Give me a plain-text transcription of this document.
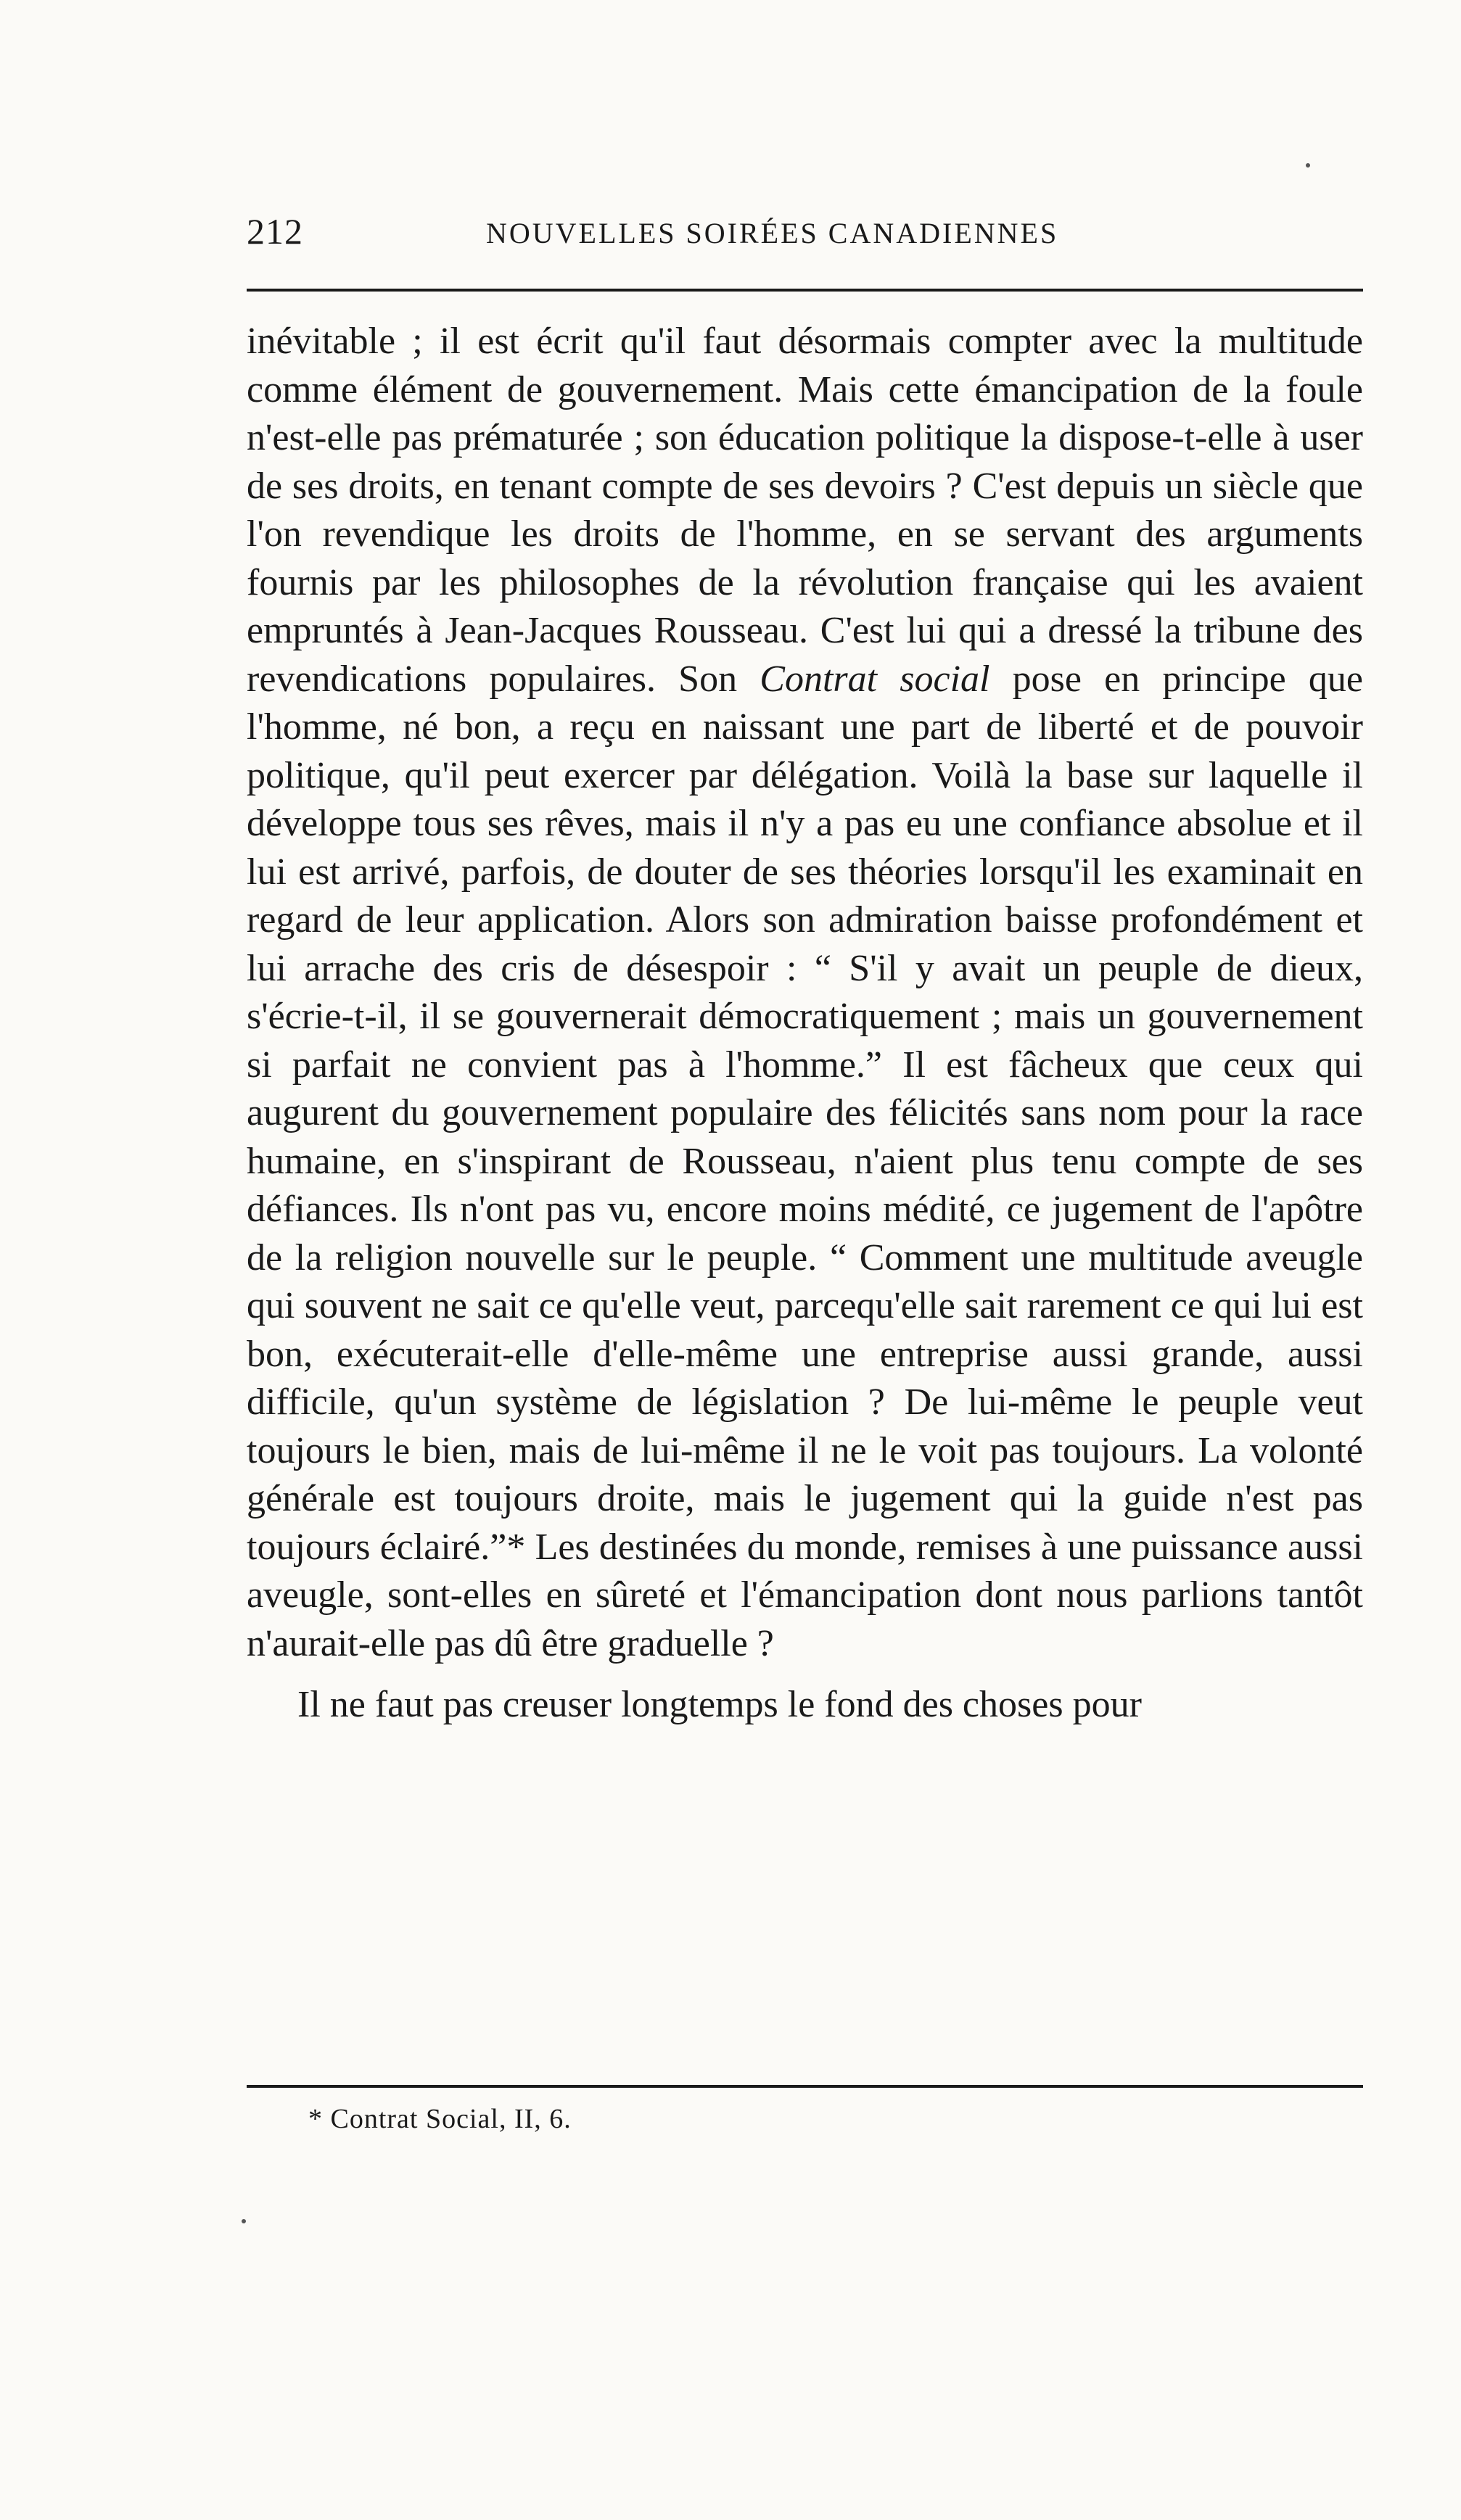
212	NOUVELLES SOIRÉES CANADIENNES

inévitable ; il est écrit qu'il faut désormais compter avec la multitude comme élément de gouvernement. Mais cette émancipation de la foule n'est-elle pas prématurée ; son éducation politique la dispose-t-elle à user de ses droits, en tenant compte de ses devoirs ? C'est depuis un siècle que l'on revendique les droits de l'homme, en se servant des arguments fournis par les philosophes de la révolution française qui les avaient empruntés à Jean-Jacques Rousseau. C'est lui qui a dressé la tribune des revendications populaires. Son Contrat social pose en principe que l'homme, né bon, a reçu en naissant une part de liberté et de pouvoir politique, qu'il peut exercer par délégation. Voilà la base sur laquelle il développe tous ses rêves, mais il n'y a pas eu une confiance absolue et il lui est arrivé, parfois, de douter de ses théories lorsqu'il les examinait en regard de leur application. Alors son admiration baisse profondément et lui arrache des cris de désespoir : “ S'il y avait un peuple de dieux, s'écrie-t-il, il se gouvernerait démocratiquement ; mais un gouvernement si parfait ne convient pas à l'homme.” Il est fâcheux que ceux qui augurent du gouvernement populaire des félicités sans nom pour la race humaine, en s'inspirant de Rousseau, n'aient plus tenu compte de ses défiances. Ils n'ont pas vu, encore moins médité, ce jugement de l'apôtre de la religion nouvelle sur le peuple. “ Comment une multitude aveugle qui souvent ne sait ce qu'elle veut, parcequ'elle sait rarement ce qui lui est bon, exécuterait-elle d'elle-même une entreprise aussi grande, aussi difficile, qu'un système de législation ? De lui-même le peuple veut toujours le bien, mais de lui-même il ne le voit pas toujours. La volonté générale est toujours droite, mais le jugement qui la guide n'est pas toujours éclairé.”* Les destinées du monde, remises à une puissance aussi aveugle, sont-elles en sûreté et l'émancipation dont nous parlions tantôt n'aurait-elle pas dû être graduelle ?

Il ne faut pas creuser longtemps le fond des choses pour

* Contrat Social, II, 6.
